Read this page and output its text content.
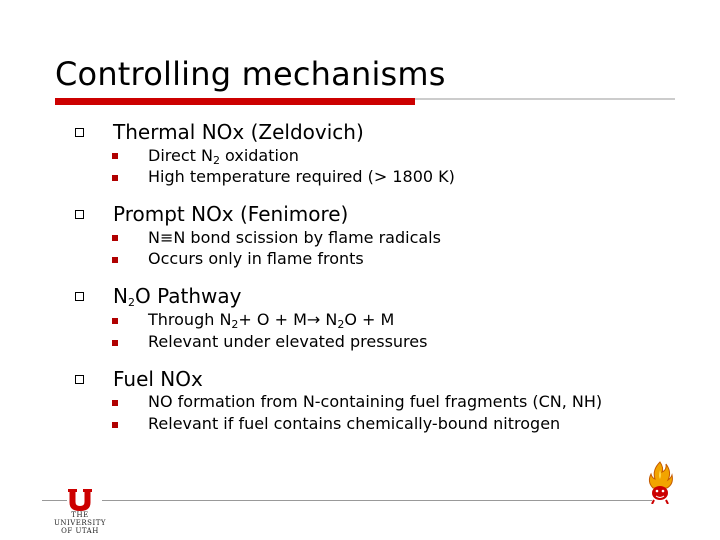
Controlling mechanisms
Thermal NOx (Zeldovich)
Direct $N_2$ oxidation
High temperature required (> 1800 K)
Prompt NOx (Fenimore)
N≡N bond scission by flame radicals
Occurs only in flame fronts
$N_2O$ Pathway
Through $N_2+ O + M\to N_2O + M$
Relevant under elevated pressures
Fuel NOx
NO formation from N-containing fuel fragments (CN, NH)
Relevant if fuel contains chemically-bound nitrogen
THE
UNIVERSITY
OF UTAH
